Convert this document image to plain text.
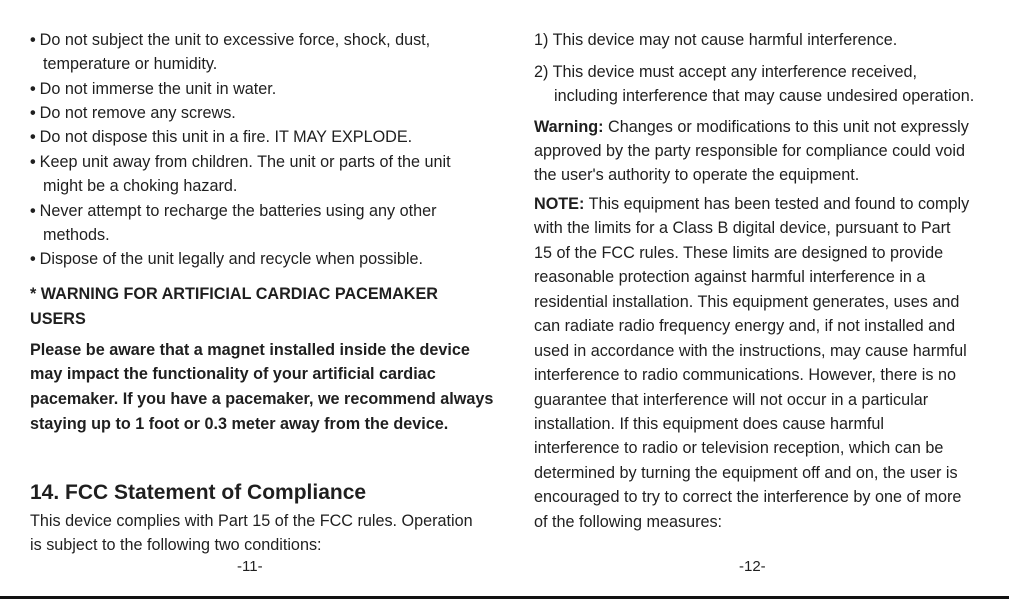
• Do not subject the unit to excessive force, shock, dust,
temperature or humidity.
• Do not immerse the unit in water.
• Do not remove any screws.
• Do not dispose this unit in a fire. IT MAY EXPLODE.
• Keep unit away from children. The unit or parts of the unit
might be a choking hazard.
• Never attempt to recharge the batteries using any other
methods.
• Dispose of the unit legally and recycle when possible.
* WARNING FOR ARTIFICIAL CARDIAC PACEMAKER
USERS
Please be aware that a magnet installed inside the device
may impact the functionality of your artificial cardiac
pacemaker. If you have a pacemaker, we recommend always
staying up to 1 foot or 0.3 meter away from the device.
14. FCC Statement of Compliance
This device complies with Part 15 of the FCC rules. Operation
is subject to the following two conditions:
-11-
1) This device may not cause harmful interference.
2) This device must accept any interference received,
including interference that may cause undesired operation.
Warning: Changes or modifications to this unit not expressly
approved by the party responsible for compliance could void
the user's authority to operate the equipment.
NOTE: This equipment has been tested and found to comply
with the limits for a Class B digital device, pursuant to Part
15 of the FCC rules. These limits are designed to provide
reasonable protection against harmful interference in a
residential installation. This equipment generates, uses and
can radiate radio frequency energy and, if not installed and
used in accordance with the instructions, may cause harmful
interference to radio communications. However, there is no
guarantee that interference will not occur in a particular
installation. If this equipment does cause harmful
interference to radio or television reception, which can be
determined by turning the equipment off and on, the user is
encouraged to try to correct the interference by one of more
of the following measures:
-12-
